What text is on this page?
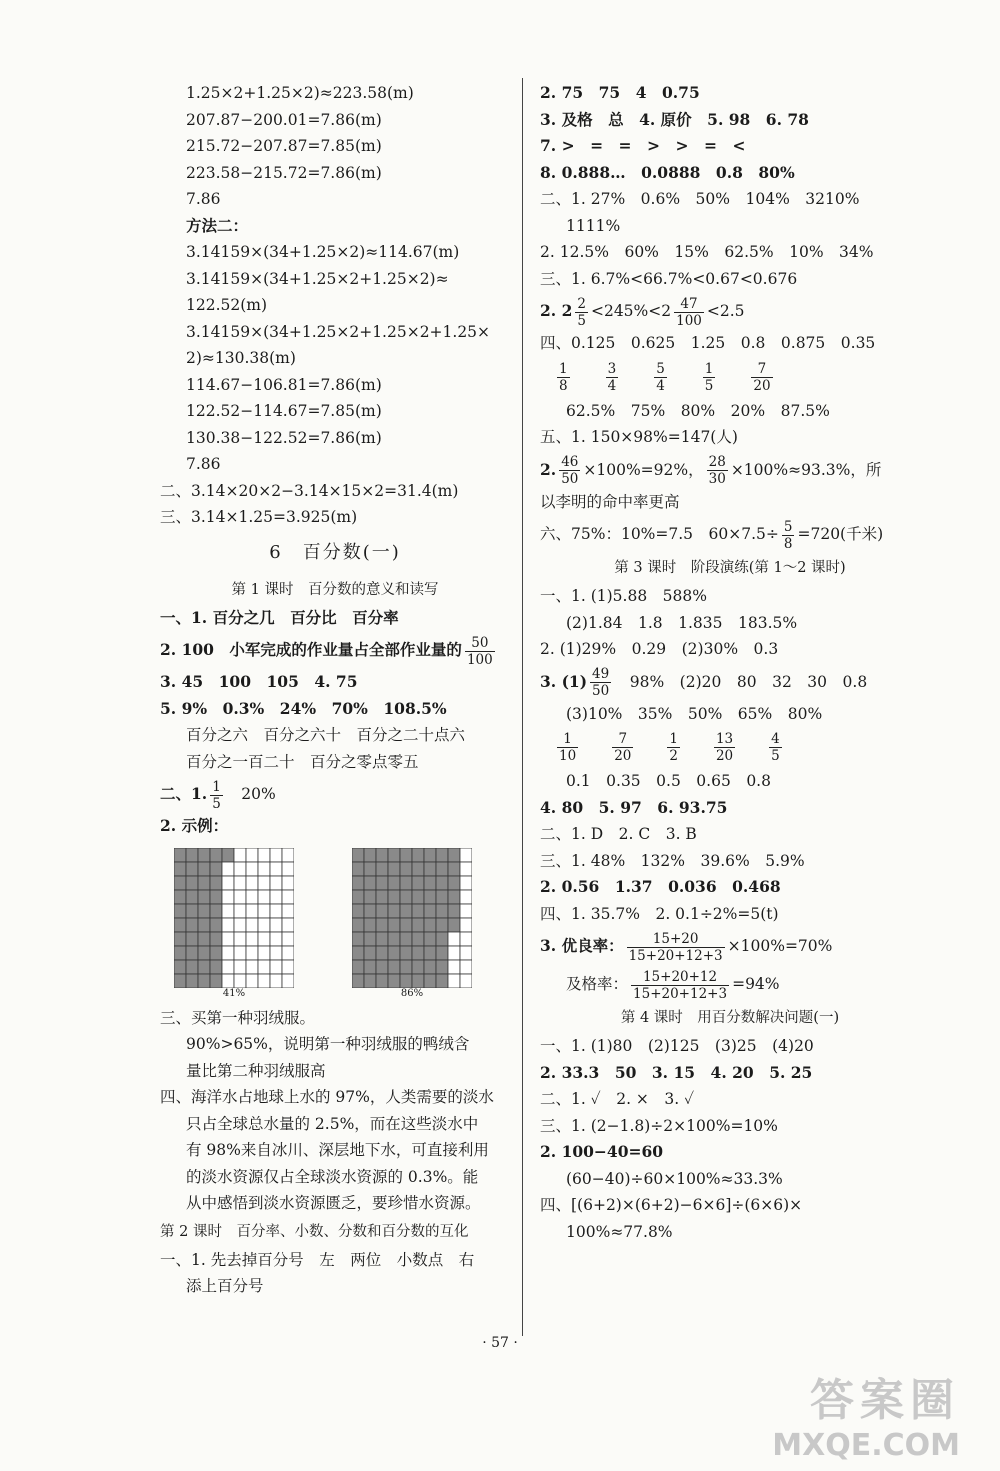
1.25×2+1.25×2)≈223.58(m)
207.87−200.01=7.86(m)
215.72−207.87=7.85(m)
223.58−215.72=7.86(m)
7.86
方法二：
3.14159×(34+1.25×2)≈114.67(m)
3.14159×(34+1.25×2+1.25×2)≈
122.52(m)
3.14159×(34+1.25×2+1.25×2+1.25×
2)≈130.38(m)
114.67−106.81=7.86(m)
122.52−114.67=7.85(m)
130.38−122.52=7.86(m)
7.86
二、3.14×20×2−3.14×15×2=31.4(m)
三、3.14×1.25=3.925(m)
6　百分数(一)
第 1 课时　百分数的意义和读写
一、1. 百分之几　百分比　百分率
2. 100　小军完成的作业量占全部作业量的 $\frac{50}{100}$
3. 45　100　105　4. 75
5. 9%　0.3%　24%　70%　108.5%
百分之六　百分之六十　百分之二十点六
百分之一百二十　百分之零点零五
二、1. $\frac{1}{5}$
　 20%
2. 示例：
41%	86%
三、买第一种羽绒服。
90%>65%，说明第一种羽绒服的鸭绒含
量比第二种羽绒服高
四、海洋水占地球上水的 97%，人类需要的淡水
只占全球总水量的 2.5%，而在这些淡水中
有 98%来自冰川、深层地下水，可直接利用
的淡水资源仅占全球淡水资源的 0.3%。能
从中感悟到淡水资源匮乏，要珍惜水资源。
第 2 课时　百分率、小数、分数和百分数的互化
一、1. 先去掉百分号　左　两位　小数点　右
添上百分号
2. 75　75　4　0.75
3. 及格　总　4. 原价　5. 98　6. 78
7. >　=　=　>　>　=　<
8. 0.888…　0.0888　0.8　80%
二、1. 27%　0.6%　50%　104%　3210%
1111%
2. 12.5%　60%　15%　62.5%　10%　34%
三、1. 6.7%<66.7%<0.67<0.676
2. $2 \frac{2}{5} <245\%<2 \frac{47}{100} <2.5$
四、0.125　0.625　1.25　0.8　0.875　0.35
$\frac{1}{8}$	$\frac{3}{4}$	$\frac{5}{4}$	$\frac{1}{5}$	$\frac{7}{20}$
62.5%　75%　80%　20%　87.5%
五、1. 150×98%=147(人)
2. $\frac{46}{50} \times 100\%=92\%$， $\frac{28}{30} \times 100\%\approx 93.3\%$，所
以李明的命中率更高
六、75%：10%=7.5　$60\times 7.5\div \frac{5}{8} =720$(千米)
第 3 课时　阶段演练(第 1～2 课时)
一、1. (1)5.88　588%
(2)1.84　1.8　1.835　183.5%
2. (1)29%　0.29　(2)30%　0.3
3. $(1) \frac{49}{50}$
　 98%　(2)20　80　32　30　0.8
(3)10%　35%　50%　65%　80%
$\frac{1}{10}$	$\frac{7}{20}$	$\frac{1}{2}$	$\frac{13}{20}$	$\frac{4}{5}$
0.1　0.35　0.5　0.65　0.8
4. 80　5. 97　6. 93.75
二、1. D　2. C　3. B
三、1. 48%　132%　39.6%　5.9%
2. 0.56　1.37　0.036　0.468
四、1. 35.7%　2. 0.1÷2%=5(t)
3. 优良率： $\frac{15+20}{15+20+12+3} \times 100\%=70\%$
及格率： $\frac{15+20+12}{15+20+12+3} =94\%$
第 4 课时　用百分数解决问题(一)
一、1. (1)80　(2)125　(3)25　(4)20
2. 33.3　50　3. 15　4. 20　5. 25
二、1. ✓　2. ×　3. ✓
三、1. (2−1.8)÷2×100%=10%
2. 100−40=60
(60−40)÷60×100%≈33.3%
四、[(6+2)×(6+2)−6×6]÷(6×6)×
100%≈77.8%
· 57 ·
答案圈
MXQE.COM
